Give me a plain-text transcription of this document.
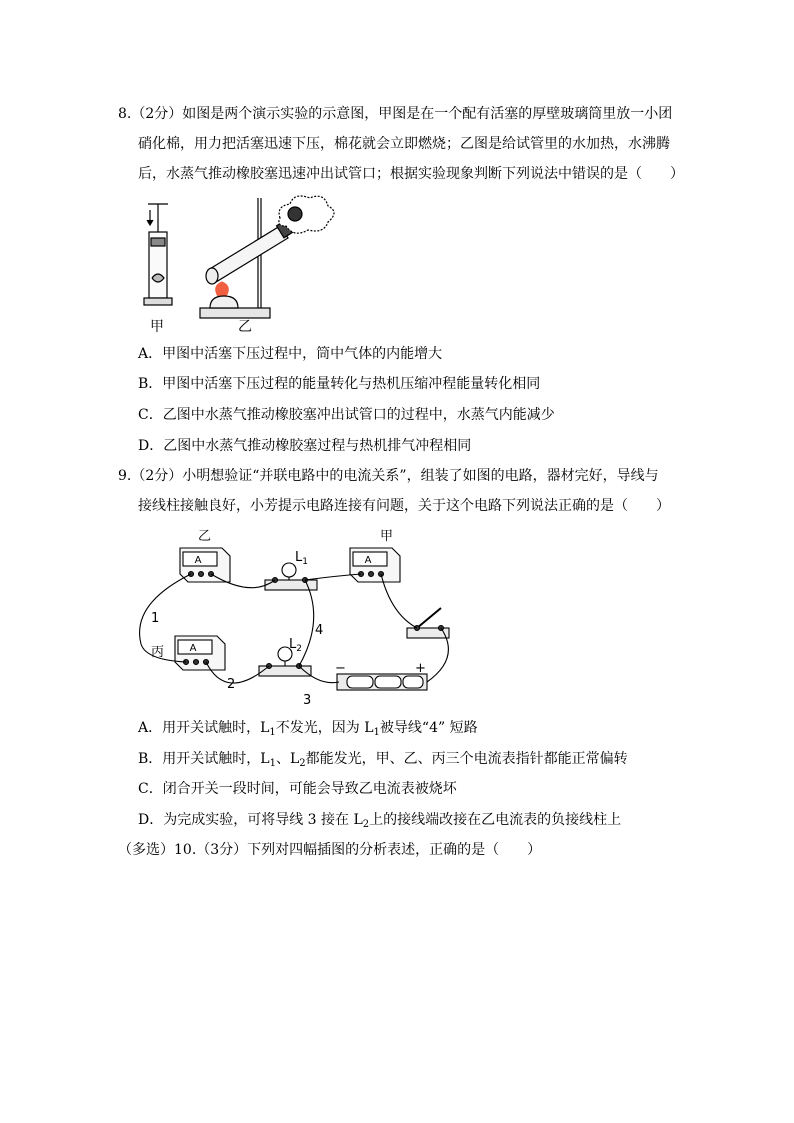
8.（2分）如图是两个演示实验的示意图，甲图是在一个配有活塞的厚壁玻璃筒里放一小团
硝化棉，用力把活塞迅速下压，棉花就会立即燃烧；乙图是给试管里的水加热，水沸腾
后，水蒸气推动橡胶塞迅速冲出试管口；根据实验现象判断下列说法中错误的是（　　）
甲	乙
A．甲图中活塞下压过程中，筒中气体的内能增大
B．甲图中活塞下压过程的能量转化与热机压缩冲程能量转化相同
C．乙图中水蒸气推动橡胶塞冲出试管口的过程中，水蒸气内能减少
D．乙图中水蒸气推动橡胶塞过程与热机排气冲程相同
9.（2分）小明想验证“并联电路中的电流关系”，组装了如图的电路，器材完好，导线与
接线柱接触良好，小芳提示电路连接有问题，关于这个电路下列说法正确的是（　　）
A	A
A
乙	甲
丙
$L_1$
$L_2$
1
2
3
4
−	+
A．用开关试触时，$L_1$不发光，因为 $L_1$被导线“4” 短路
B．用开关试触时，$L_1$、$L_2$都能发光，甲、乙、丙三个电流表指针都能正常偏转
C．闭合开关一段时间，可能会导致乙电流表被烧坏
D．为完成实验，可将导线 3 接在 $L_2$上的接线端改接在乙电流表的负接线柱上
（多选）10.（3分）下列对四幅插图的分析表述，正确的是（　　）
